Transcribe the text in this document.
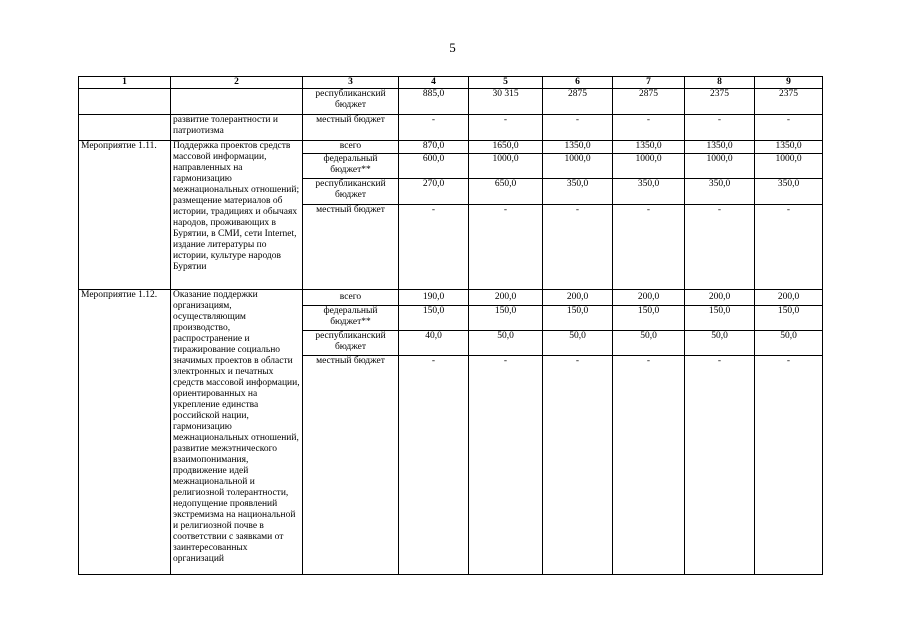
5
1	2	3	4	5	6	7	8	9
		республиканский бюджет	885,0	30 315	2875	2875	2375	2375
	развитие толерантности и патриотизма	местный бюджет	-	-	-	-	-	-
Мероприятие 1.11.	Поддержка проектов средств массовой информации, направленных на гармонизацию межнациональных отношений; размещение материалов об истории, традициях и обычаях народов, проживающих в Бурятии, в СМИ, сети Internet, издание литературы по истории, культуре народов Бурятии	всего	870,0	1650,0	1350,0	1350,0	1350,0	1350,0
		федеральный бюджет**	600,0	1000,0	1000,0	1000,0	1000,0	1000,0
		республиканский бюджет	270,0	650,0	350,0	350,0	350,0	350,0
		местный бюджет	-	-	-	-	-	-
Мероприятие 1.12.	Оказание поддержки организациям, осуществляющим производство, распространение и тиражирование социально значимых проектов в области электронных и печатных средств массовой информации, ориентированных на укрепление единства российской нации, гармонизацию межнациональных отношений, развитие межэтнического взаимопонимания, продвижение идей межнациональной и религиозной толерантности, недопущение проявлений экстремизма на национальной и религиозной почве в соответствии с заявками от заинтересованных организаций	всего	190,0	200,0	200,0	200,0	200,0	200,0
		федеральный бюджет**	150,0	150,0	150,0	150,0	150,0	150,0
		республиканский бюджет	40,0	50,0	50,0	50,0	50,0	50,0
		местный бюджет	-	-	-	-	-	-
